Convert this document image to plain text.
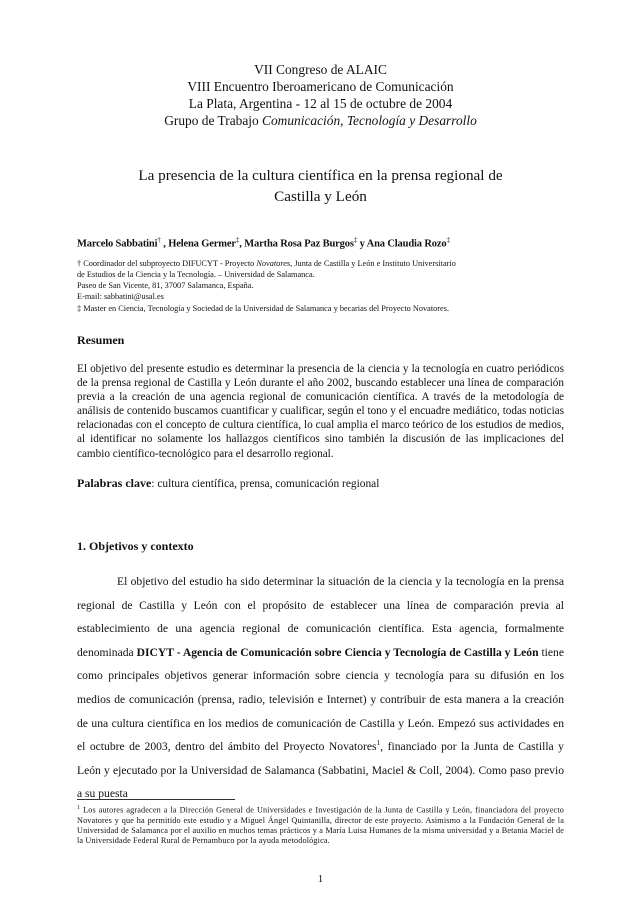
VII Congreso de ALAIC
VIII Encuentro Iberoamericano de Comunicación
La Plata, Argentina - 12 al 15 de octubre de 2004
Grupo de Trabajo Comunicación, Tecnología y Desarrollo
La presencia de la cultura científica en la prensa regional de
Castilla y León
Marcelo Sabbatini† , Helena Germer‡, Martha Rosa Paz Burgos‡ y Ana Claudia Rozo‡
† Coordinador del subproyecto DIFUCYT - Proyecto Novatores, Junta de Castilla y León e Instituto Universitario
de Estudios de la Ciencia y la Tecnología. – Universidad de Salamanca.
Paseo de San Vicente, 81, 37007 Salamanca, España.
E-mail: sabbatini@usal.es
‡ Master en Ciencia, Tecnología y Sociedad de la Universidad de Salamanca y becarias del Proyecto Novatores.
Resumen
El objetivo del presente estudio es determinar la presencia de la ciencia y la tecnología en cuatro periódicos de la prensa regional de Castilla y León durante el año 2002, buscando establecer una línea de comparación previa a la creación de una agencia regional de comunicación científica. A través de la metodología de análisis de contenido buscamos cuantificar y cualificar, según el tono y el encuadre mediático, todas noticias relacionadas con el concepto de cultura científica, lo cual amplia el marco teórico de los estudios de medios, al identificar no solamente los hallazgos científicos sino también la discusión de las implicaciones del cambio científico-tecnológico para el desarrollo regional.
Palabras clave: cultura científica, prensa, comunicación regional
1. Objetivos y contexto

El objetivo del estudio ha sido determinar la situación de la ciencia y la tecnología en la prensa regional de Castilla y León con el propósito de establecer una línea de comparación previa al establecimiento de una agencia regional de comunicación científica. Esta agencia, formalmente denominada DICYT - Agencia de Comunicación sobre Ciencia y Tecnología de Castilla y León tiene como principales objetivos generar información sobre ciencia y tecnología para su difusión en los medios de comunicación (prensa, radio, televisión e Internet) y contribuir de esta manera a la creación de una cultura científica en los medios de comunicación de Castilla y León. Empezó sus actividades en el octubre de 2003, dentro del ámbito del Proyecto Novatores$^1$, financiado por la Junta de Castilla y León y ejecutado por la Universidad de Salamanca (Sabbatini, Maciel & Coll, 2004). Como paso previo a su puesta

$^1$ Los autores agradecen a la Dirección General de Universidades e Investigación de la Junta de Castilla y León, financiadora del proyecto Novatores y que ha permitido este estudio y a Miguel Ángel Quintanilla, director de este proyecto. Asimismo a la Fundación General de la Universidad de Salamanca por el auxilio en muchos temas prácticos y a María Luisa Humanes de la misma universidad y a Betania Maciel de la Universidade Federal Rural de Pernambuco por la ayuda metodológica.
1
